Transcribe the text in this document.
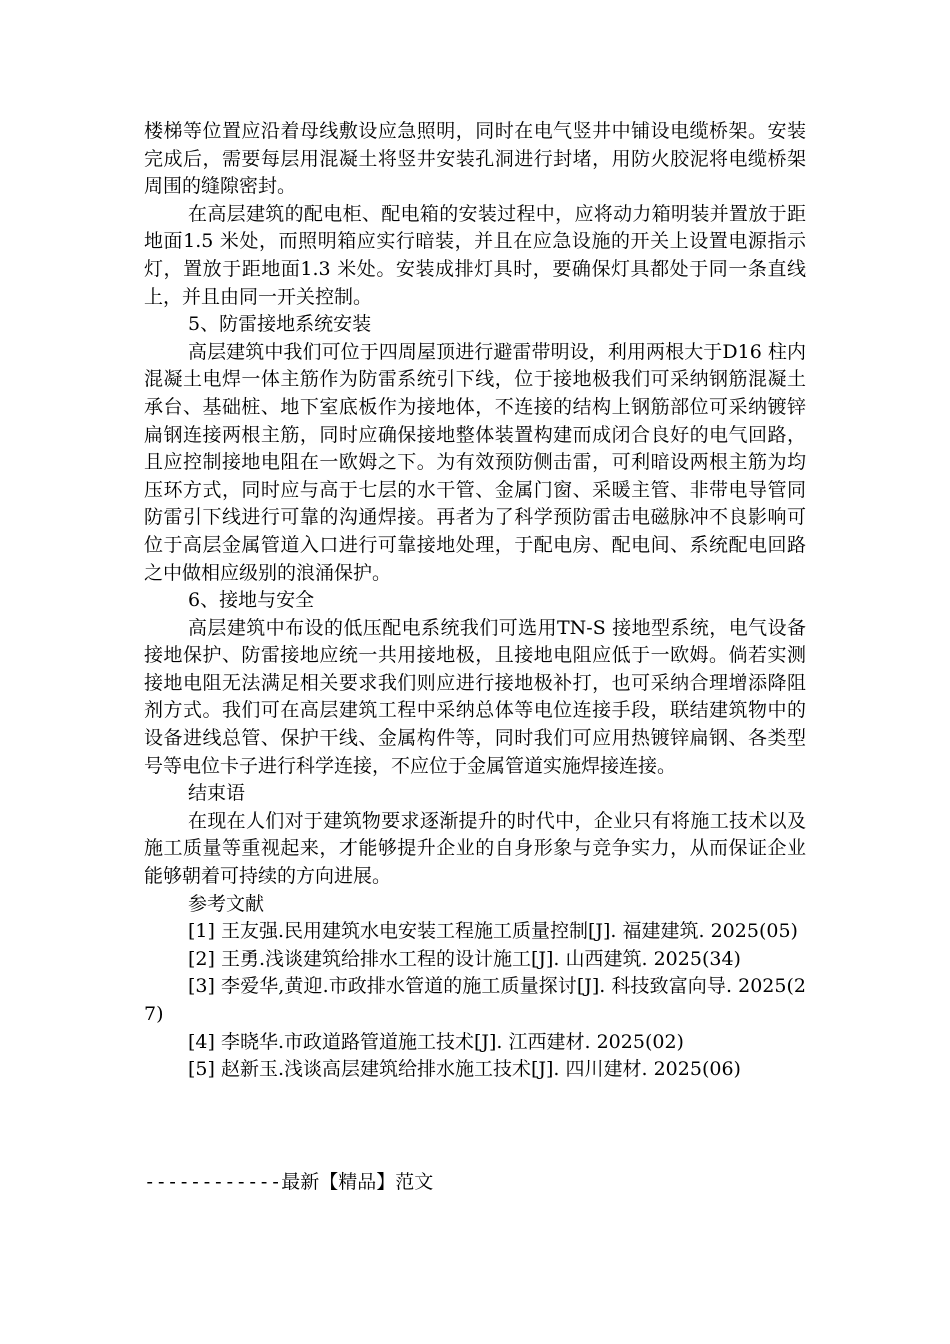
楼梯等位置应沿着母线敷设应急照明，同时在电气竖井中铺设电缆桥架。安装完成后，需要每层用混凝土将竖井安装孔洞进行封堵，用防火胶泥将电缆桥架周围的缝隙密封。

在高层建筑的配电柜、配电箱的安装过程中，应将动力箱明装并置放于距地面1.5 米处，而照明箱应实行暗装，并且在应急设施的开关上设置电源指示灯，置放于距地面1.3 米处。安装成排灯具时，要确保灯具都处于同一条直线上，并且由同一开关控制。

5、防雷接地系统安装

高层建筑中我们可位于四周屋顶进行避雷带明设，利用两根大于D16 柱内混凝土电焊一体主筋作为防雷系统引下线，位于接地极我们可采纳钢筋混凝土承台、基础桩、地下室底板作为接地体，不连接的结构上钢筋部位可采纳镀锌扁钢连接两根主筋，同时应确保接地整体装置构建而成闭合良好的电气回路，且应控制接地电阻在一欧姆之下。为有效预防侧击雷，可利暗设两根主筋为均压环方式，同时应与高于七层的水干管、金属门窗、采暖主管、非带电导管同防雷引下线进行可靠的沟通焊接。再者为了科学预防雷击电磁脉冲不良影响可位于高层金属管道入口进行可靠接地处理，于配电房、配电间、系统配电回路之中做相应级别的浪涌保护。

6、接地与安全

高层建筑中布设的低压配电系统我们可选用TN-S 接地型系统，电气设备接地保护、防雷接地应统一共用接地极，且接地电阻应低于一欧姆。倘若实测接地电阻无法满足相关要求我们则应进行接地极补打，也可采纳合理增添降阻剂方式。我们可在高层建筑工程中采纳总体等电位连接手段，联结建筑物中的设备进线总管、保护干线、金属构件等，同时我们可应用热镀锌扁钢、各类型号等电位卡子进行科学连接，不应位于金属管道实施焊接连接。

结束语

在现在人们对于建筑物要求逐渐提升的时代中，企业只有将施工技术以及施工质量等重视起来，才能够提升企业的自身形象与竞争实力，从而保证企业能够朝着可持续的方向进展。

参考文献

[1] 王友强.民用建筑水电安装工程施工质量控制[J]. 福建建筑. 2025(05)

[2] 王勇.浅谈建筑给排水工程的设计施工[J]. 山西建筑. 2025(34)

[3] 李爱华,黄迎.市政排水管道的施工质量探讨[J]. 科技致富向导. 2025(27)

[4] 李晓华.市政道路管道施工技术[J]. 江西建材. 2025(02)

[5] 赵新玉.浅谈高层建筑给排水施工技术[J]. 四川建材. 2025(06)

------------最新【精品】范文
